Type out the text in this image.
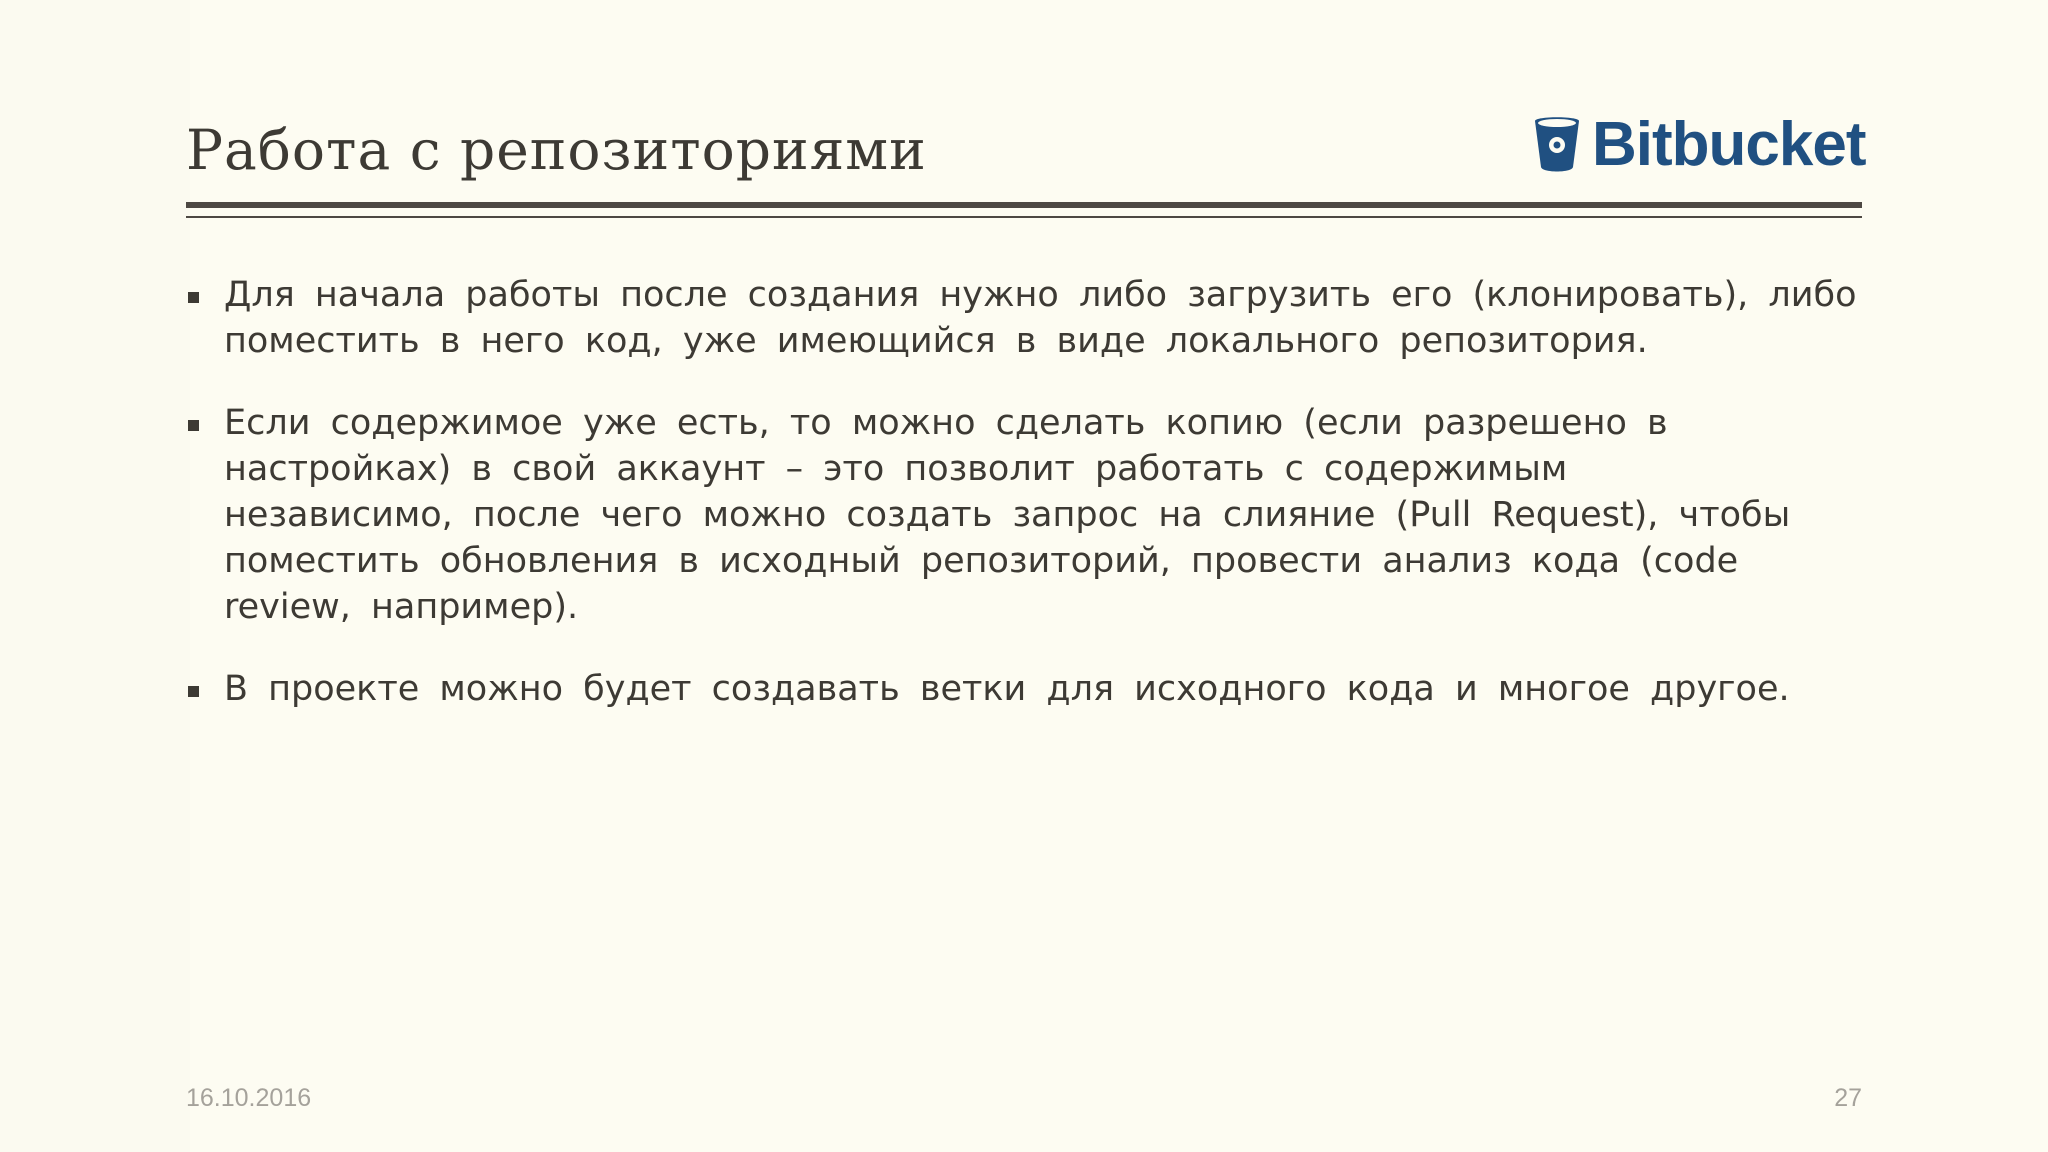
Работа с репозиториями	Bitbucket

Для начала работы после создания нужно либо загрузить его (клонировать), либо поместить в него код, уже имеющийся в виде локального репозитория.

Если содержимое уже есть, то можно сделать копию (если разрешено в настройках) в свой аккаунт – это позволит работать с содержимым независимо, после чего можно создать запрос на слияние (Pull Request), чтобы поместить обновления в исходный репозиторий, провести анализ кода (code review, например).

В проекте можно будет создавать ветки для исходного кода и многое другое.

16.10.2016	27
